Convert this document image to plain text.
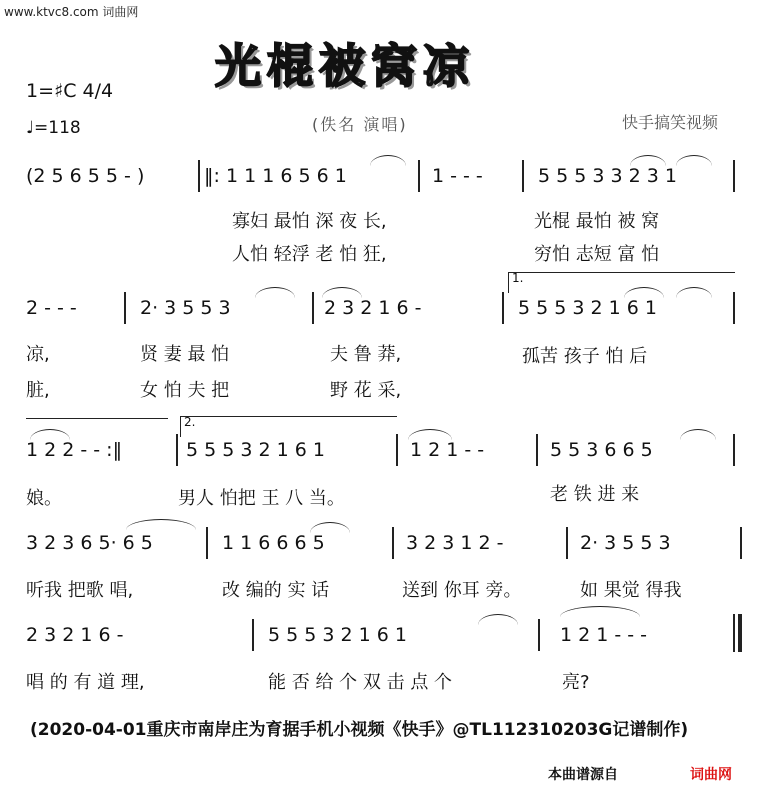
www.ktvc8.com 词曲网
光棍被窝凉
1=♯C 4/4
♩=118	(佚名 演唱)	快手搞笑视频
(2 5 6 5 5 - )	‖: 1 1 1 6 5 6 1	1 - - -	5 5 5 3 3 2 3 1
寡妇 最怕 深 夜 长,	光棍 最怕 被 窝
人怕 轻浮 老 怕 狂,	穷怕 志短 富 怕
2 - - -	2· 3 5 5 3	2 3 2 1 6 -
1.
5 5 5 3 2 1 6 1
凉,	贤 妻 最 怕	夫 鲁 莽,	孤苦 孩子 怕 后
脏,	女 怕 夫 把	野 花 采,
1 2 2 - - :‖
2.
5 5 5 3 2 1 6 1	1 2 1 - -	5 5 3 6 6 5
娘。	男人 怕把 王 八 当。	老 铁 进 来
3 2 3 6 5· 6 5	1 1 6 6 6 5	3 2 3 1 2 -	2· 3 5 5 3
听我 把歌 唱,	改 编的 实 话	送到 你耳 旁。	如 果觉 得我
2 3 2 1 6 -	5 5 5 3 2 1 6 1	1 2 1 - - -
唱 的 有 道 理,	能 否 给 个 双 击 点 个	亮?
(2020-04-01重庆市南岸庄为育据手机小视频《快手》@TL112310203G记谱制作)
本曲谱源自	词曲网
